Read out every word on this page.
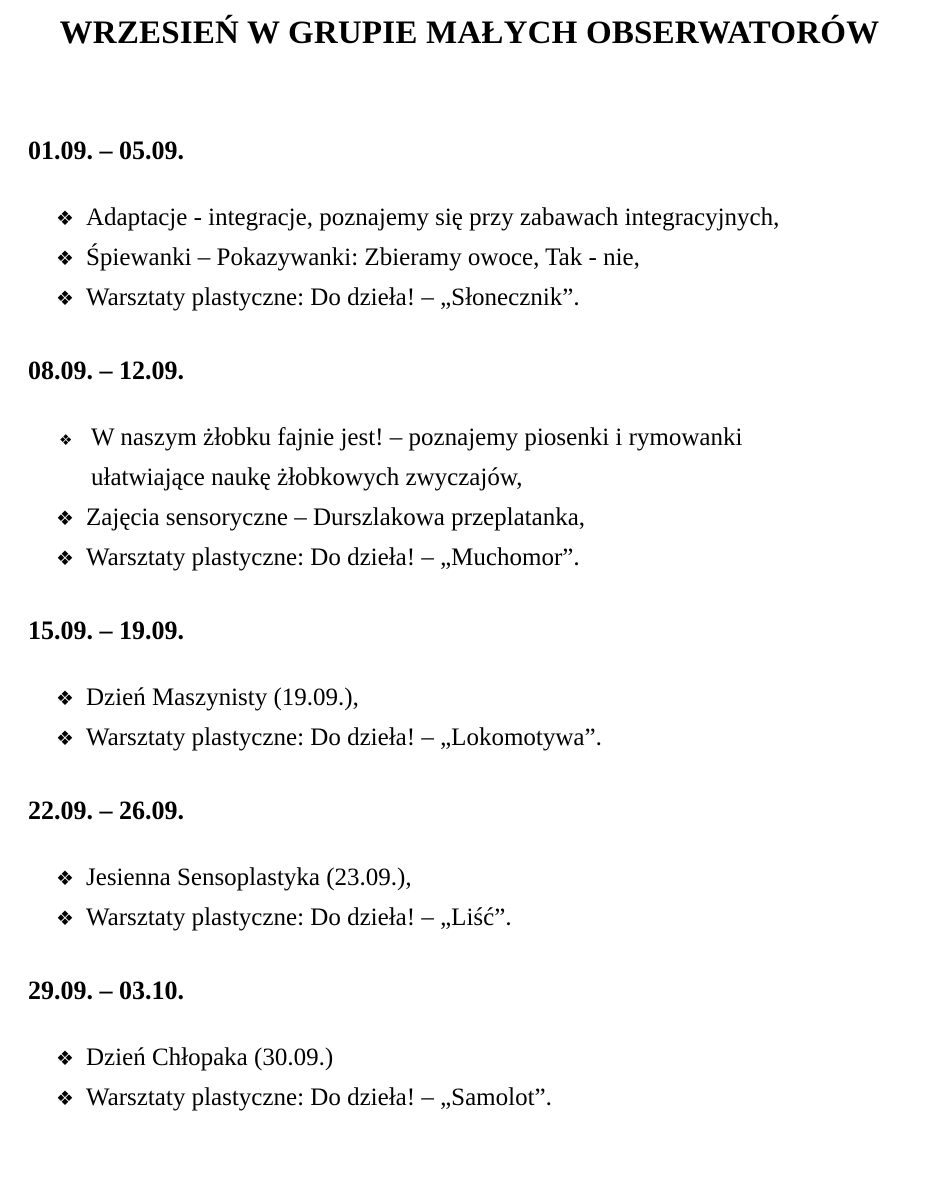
WRZESIEŃ W GRUPIE MAŁYCH OBSERWATORÓW
01.09. – 05.09.
❖ Adaptacje - integracje, poznajemy się przy zabawach integracyjnych,
❖ Śpiewanki – Pokazywanki: Zbieramy owoce, Tak - nie,
❖ Warsztaty plastyczne: Do dzieła! – „Słonecznik”.
08.09. – 12.09.
❖ W naszym żłobku fajnie jest! – poznajemy piosenki i rymowanki ułatwiające naukę żłobkowych zwyczajów,
❖ Zajęcia sensoryczne – Durszlakowa przeplatanka,
❖ Warsztaty plastyczne: Do dzieła! – „Muchomor”.
15.09. – 19.09.
❖ Dzień Maszynisty (19.09.),
❖ Warsztaty plastyczne: Do dzieła! – „Lokomotywa”.
22.09. – 26.09.
❖ Jesienna Sensoplastyka (23.09.),
❖ Warsztaty plastyczne: Do dzieła! – „Liść”.
29.09. – 03.10.
❖ Dzień Chłopaka (30.09.)
❖ Warsztaty plastyczne: Do dzieła! – „Samolot”.
